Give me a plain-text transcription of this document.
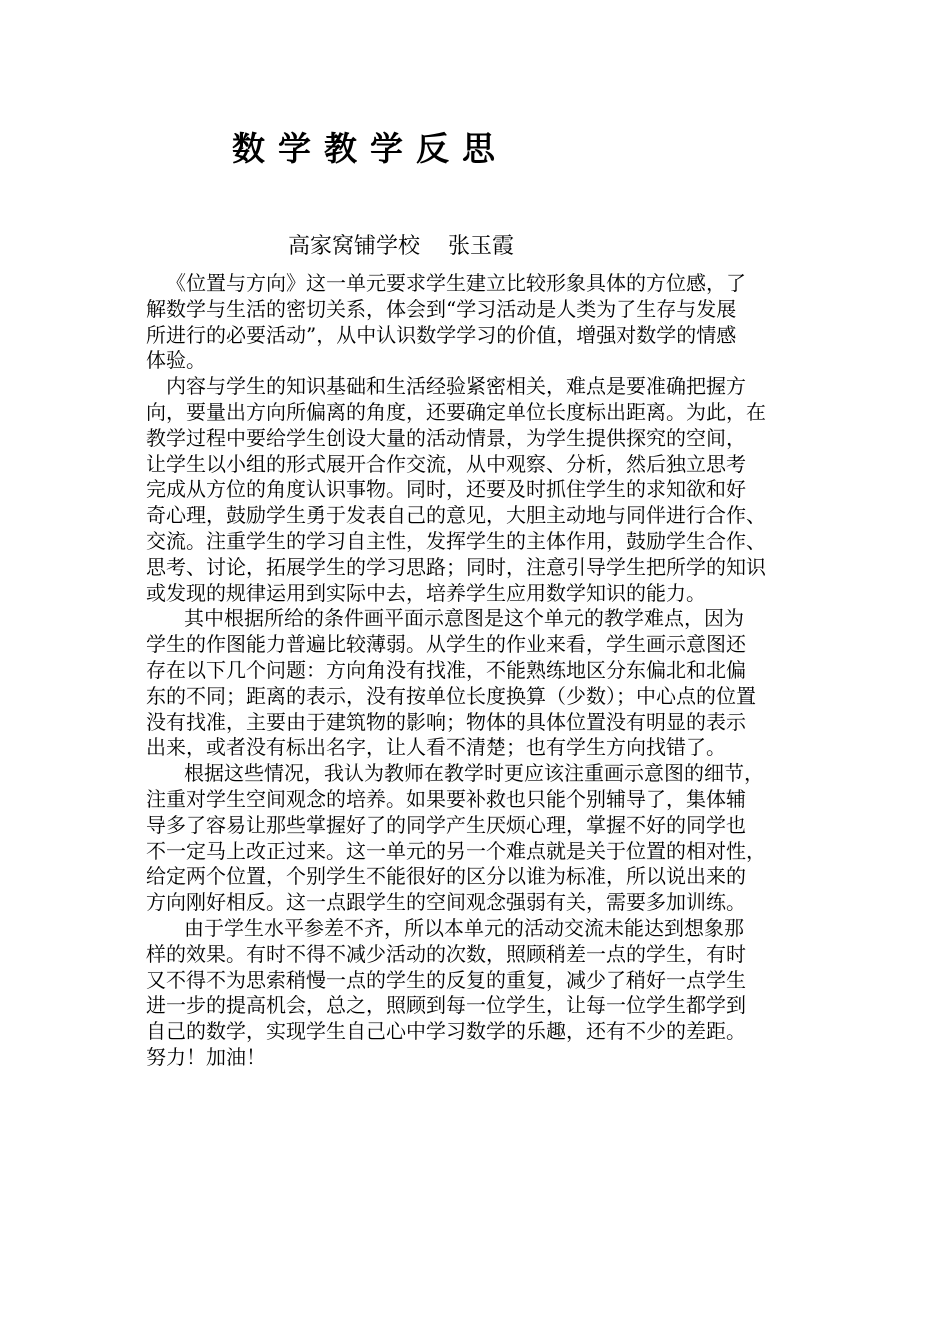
数学教学反思

高家窝铺学校    张玉霞

《位置与方向》这一单元要求学生建立比较形象具体的方位感，了
解数学与生活的密切关系，体会到“学习活动是人类为了生存与发展
所进行的必要活动”，从中认识数学学习的价值，增强对数学的情感
体验。
内容与学生的知识基础和生活经验紧密相关，难点是要准确把握方
向，要量出方向所偏离的角度，还要确定单位长度标出距离。为此，在
教学过程中要给学生创设大量的活动情景，为学生提供探究的空间，
让学生以小组的形式展开合作交流，从中观察、分析，然后独立思考
完成从方位的角度认识事物。同时，还要及时抓住学生的求知欲和好
奇心理，鼓励学生勇于发表自己的意见，大胆主动地与同伴进行合作、
交流。注重学生的学习自主性，发挥学生的主体作用，鼓励学生合作、
思考、讨论，拓展学生的学习思路；同时，注意引导学生把所学的知识
或发现的规律运用到实际中去，培养学生应用数学知识的能力。
其中根据所给的条件画平面示意图是这个单元的教学难点，因为
学生的作图能力普遍比较薄弱。从学生的作业来看，学生画示意图还
存在以下几个问题：方向角没有找准，不能熟练地区分东偏北和北偏
东的不同；距离的表示，没有按单位长度换算（少数）；中心点的位置
没有找准，主要由于建筑物的影响；物体的具体位置没有明显的表示
出来，或者没有标出名字，让人看不清楚；也有学生方向找错了。
根据这些情况，我认为教师在教学时更应该注重画示意图的细节，
注重对学生空间观念的培养。如果要补救也只能个别辅导了，集体辅
导多了容易让那些掌握好了的同学产生厌烦心理，掌握不好的同学也
不一定马上改正过来。这一单元的另一个难点就是关于位置的相对性，
给定两个位置，个别学生不能很好的区分以谁为标准，所以说出来的
方向刚好相反。这一点跟学生的空间观念强弱有关，需要多加训练。
由于学生水平参差不齐，所以本单元的活动交流未能达到想象那
样的效果。有时不得不减少活动的次数，照顾稍差一点的学生，有时
又不得不为思索稍慢一点的学生的反复的重复，减少了稍好一点学生
进一步的提高机会，总之，照顾到每一位学生，让每一位学生都学到
自己的数学，实现学生自己心中学习数学的乐趣，还有不少的差距。
努力！加油！
